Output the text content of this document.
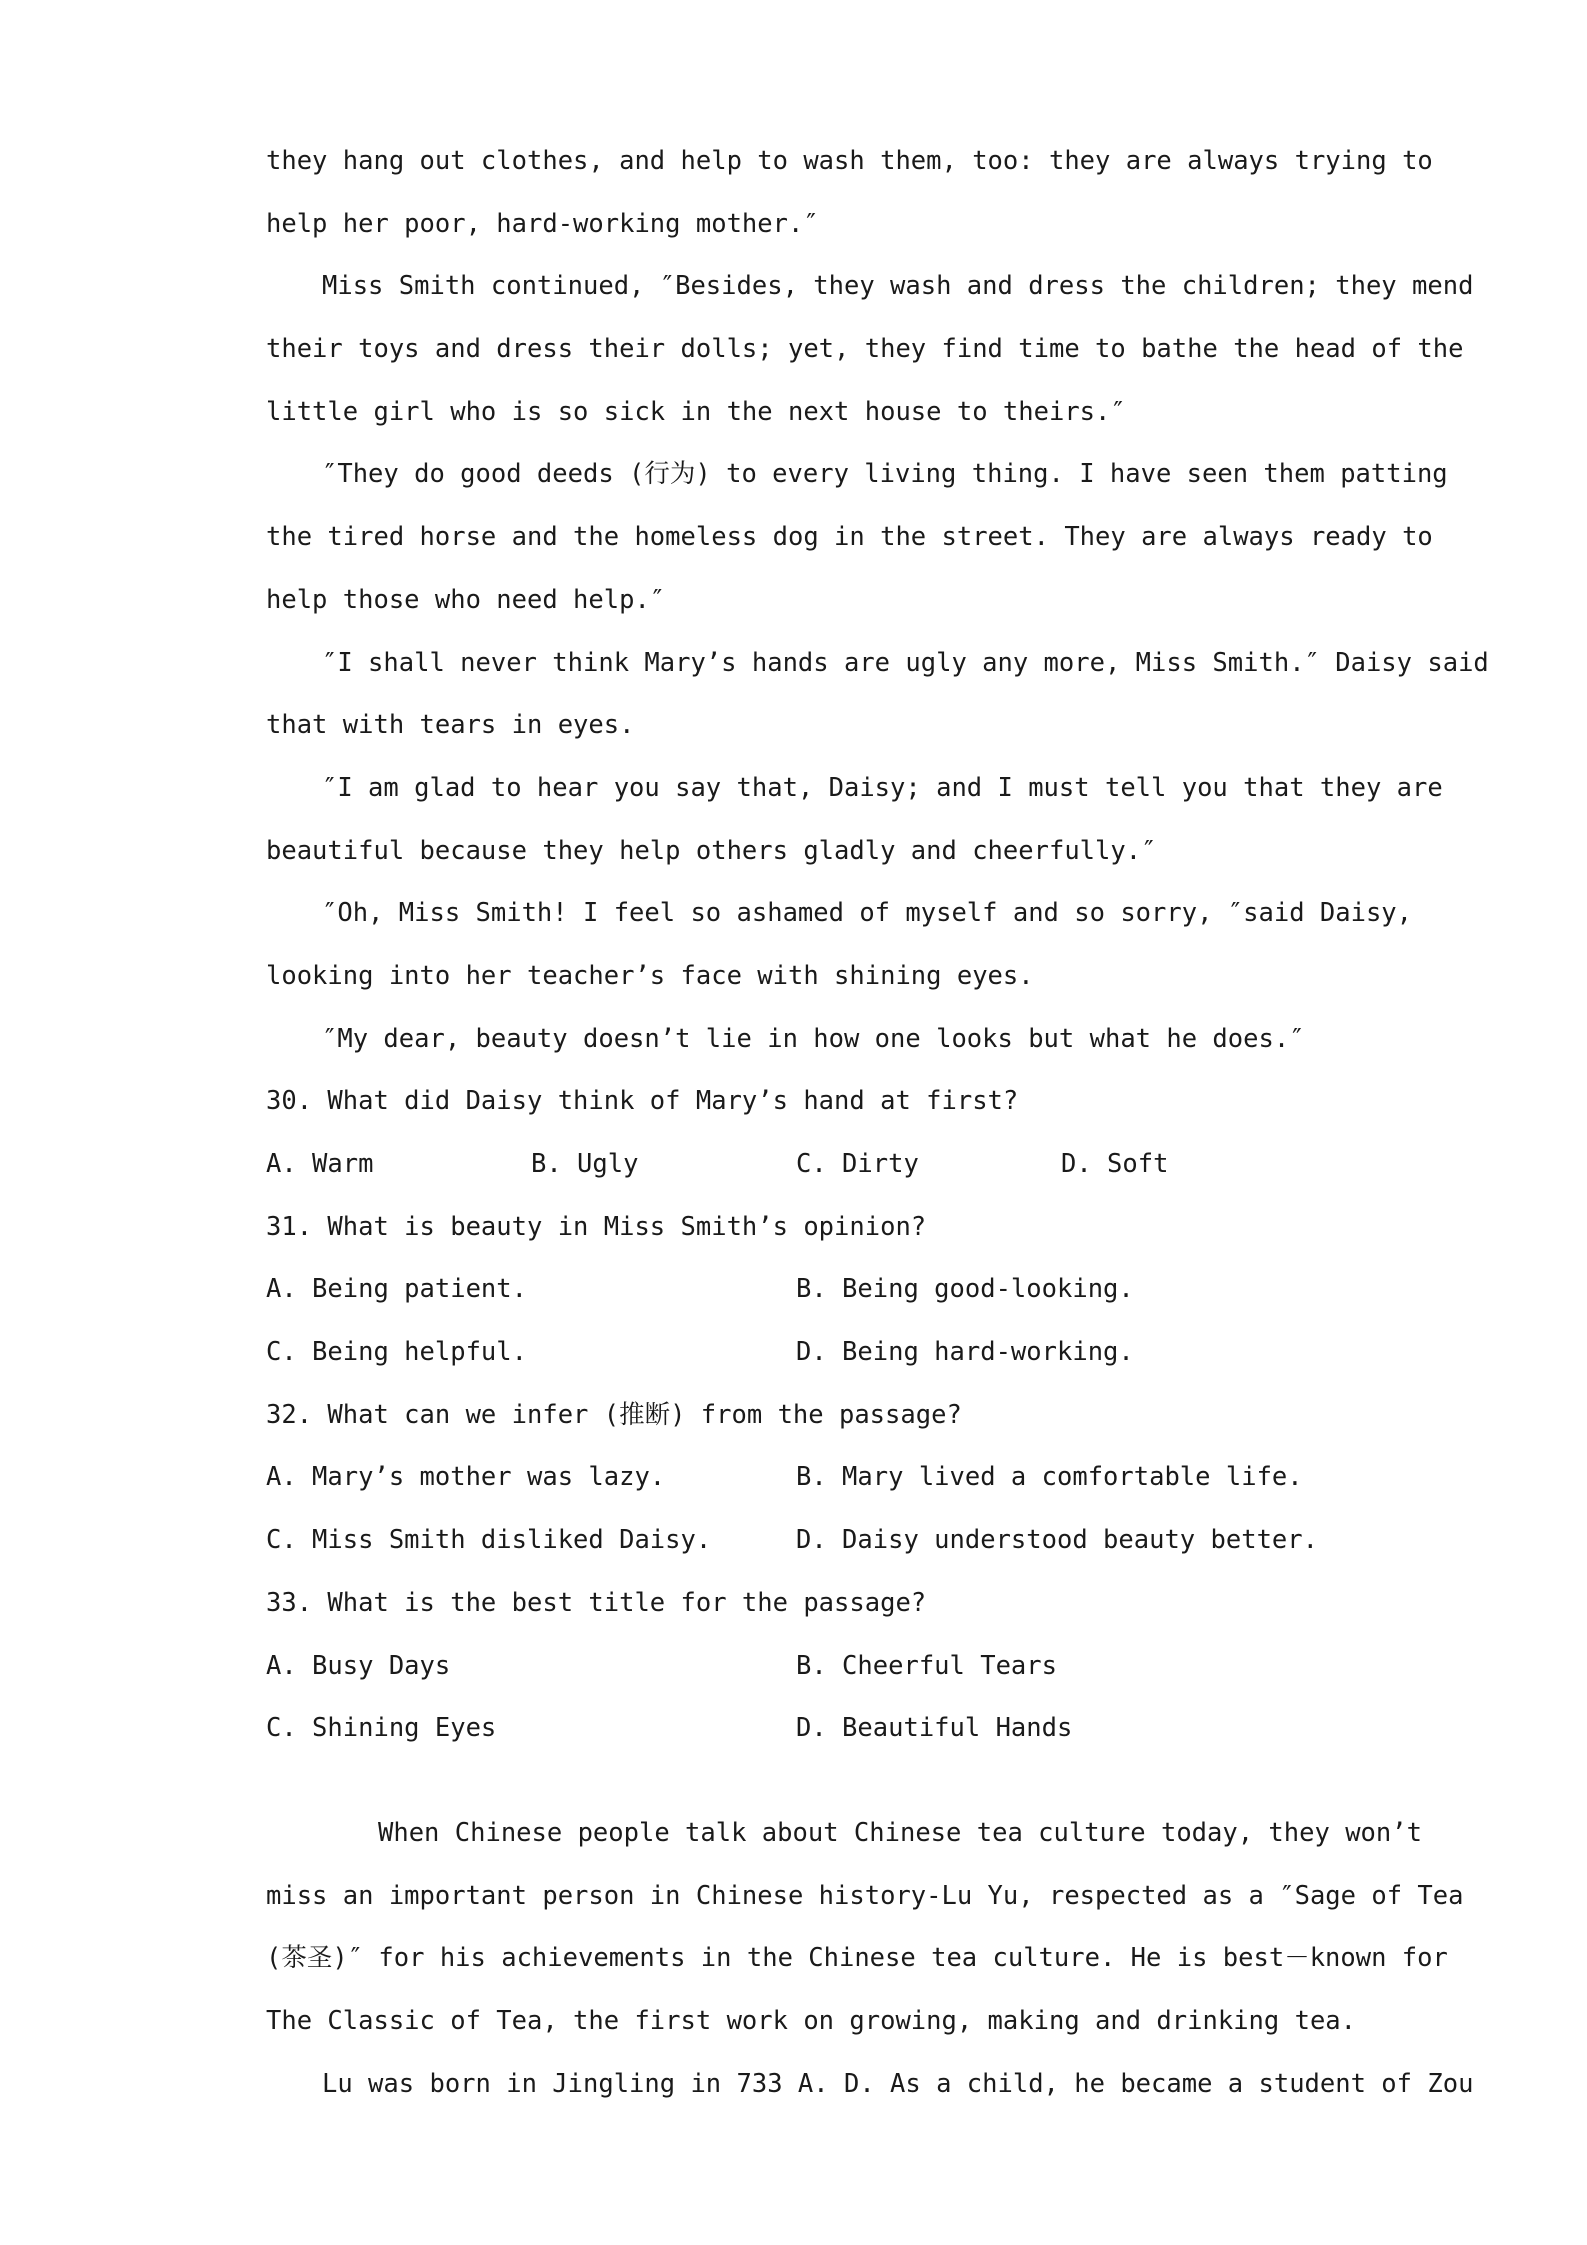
they hang out clothes, and help to wash them, too: they are always trying to
help her poor, hard-working mother.″
Miss Smith continued, ″Besides, they wash and dress the children; they mend
their toys and dress their dolls; yet, they find time to bathe the head of the
little girl who is so sick in the next house to theirs.″
″They do good deeds (行为) to every living thing. I have seen them patting
the tired horse and the homeless dog in the street. They are always ready to
help those who need help.″
″I shall never think Mary’s hands are ugly any more, Miss Smith.″ Daisy said
that with tears in eyes.
″I am glad to hear you say that, Daisy; and I must tell you that they are
beautiful because they help others gladly and cheerfully.″
″Oh, Miss Smith! I feel so ashamed of myself and so sorry, ″said Daisy,
looking into her teacher’s face with shining eyes.
″My dear, beauty doesn’t lie in how one looks but what he does.″
30. What did Daisy think of Mary’s hand at first?
A. Warm	B. Ugly	C. Dirty	D. Soft
31. What is beauty in Miss Smith’s opinion?
A. Being patient.	B. Being good-looking.
C. Being helpful.	D. Being hard-working.
32. What can we infer (推断) from the passage?
A. Mary’s mother was lazy.	B. Mary lived a comfortable life.
C. Miss Smith disliked Daisy.	D. Daisy understood beauty better.
33. What is the best title for the passage?
A. Busy Days	B. Cheerful Tears
C. Shining Eyes	D. Beautiful Hands
When Chinese people talk about Chinese tea culture today, they won’t
miss an important person in Chinese history-Lu Yu, respected as a ″Sage of Tea
(茶圣)″ for his achievements in the Chinese tea culture. He is best－known for
The Classic of Tea, the first work on growing, making and drinking tea.
Lu was born in Jingling in 733 A. D. As a child, he became a student of Zou
